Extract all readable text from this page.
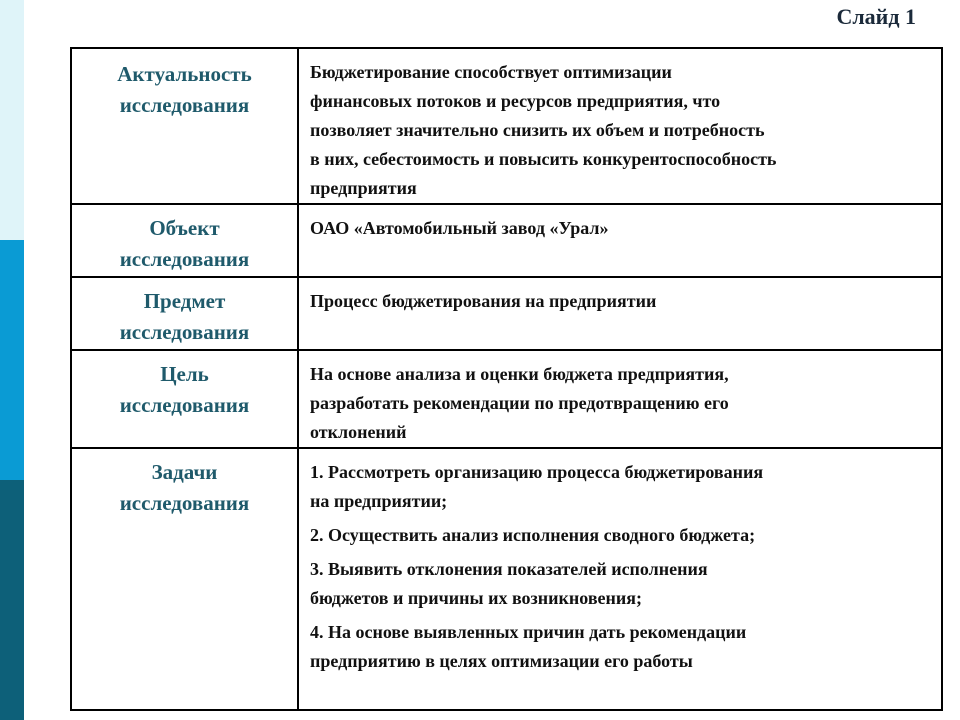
Слайд 1
Актуальность
исследования
Бюджетирование способствует оптимизации
финансовых потоков и ресурсов предприятия, что
позволяет значительно снизить их объем и потребность
в них, себестоимость и повысить конкурентоспособность
предприятия
Объект
исследования
ОАО «Автомобильный завод «Урал»
Предмет
исследования
Процесс бюджетирования на предприятии
Цель
исследования
На основе анализа и оценки бюджета предприятия,
разработать рекомендации по предотвращению его
отклонений
Задачи
исследования
1. Рассмотреть организацию процесса бюджетирования
на предприятии;
2. Осуществить анализ исполнения сводного бюджета;
3. Выявить отклонения показателей исполнения
бюджетов и причины их возникновения;
4. На основе выявленных причин дать рекомендации
предприятию в целях оптимизации его работы
